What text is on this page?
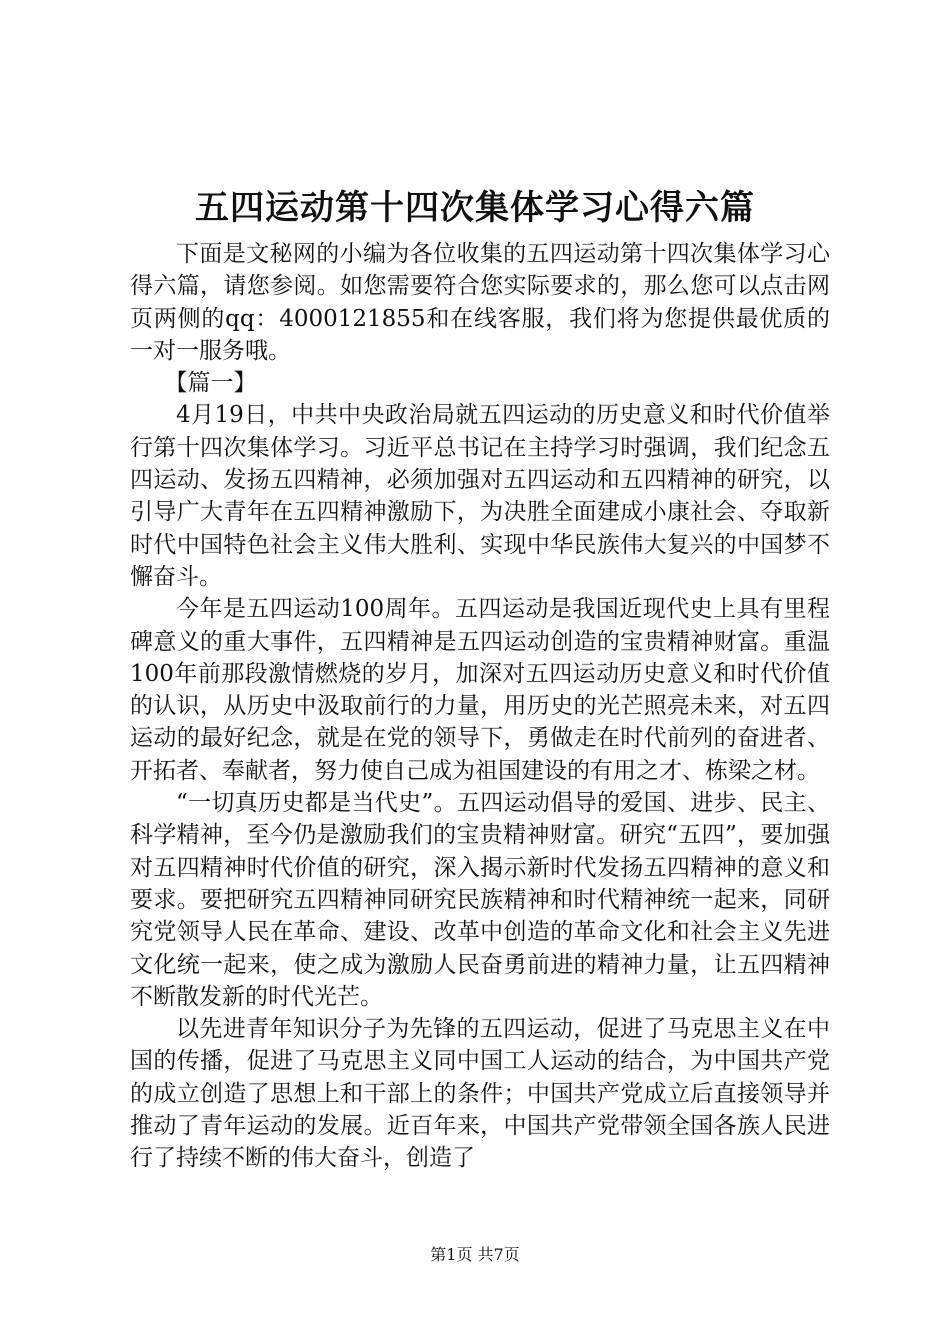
五四运动第十四次集体学习心得六篇

下面是文秘网的小编为各位收集的五四运动第十四次集体学习心得六篇，请您参阅。如您需要符合您实际要求的，那么您可以点击网页两侧的qq：4000121855和在线客服，我们将为您提供最优质的一对一服务哦。

【篇一】

4月19日，中共中央政治局就五四运动的历史意义和时代价值举行第十四次集体学习。习近平总书记在主持学习时强调，我们纪念五四运动、发扬五四精神，必须加强对五四运动和五四精神的研究，以引导广大青年在五四精神激励下，为决胜全面建成小康社会、夺取新时代中国特色社会主义伟大胜利、实现中华民族伟大复兴的中国梦不懈奋斗。

今年是五四运动100周年。五四运动是我国近现代史上具有里程碑意义的重大事件，五四精神是五四运动创造的宝贵精神财富。重温100年前那段激情燃烧的岁月，加深对五四运动历史意义和时代价值的认识，从历史中汲取前行的力量，用历史的光芒照亮未来，对五四运动的最好纪念，就是在党的领导下，勇做走在时代前列的奋进者、开拓者、奉献者，努力使自己成为祖国建设的有用之才、栋梁之材。

“一切真历史都是当代史”。五四运动倡导的爱国、进步、民主、科学精神，至今仍是激励我们的宝贵精神财富。研究“五四”，要加强对五四精神时代价值的研究，深入揭示新时代发扬五四精神的意义和要求。要把研究五四精神同研究民族精神和时代精神统一起来，同研究党领导人民在革命、建设、改革中创造的革命文化和社会主义先进文化统一起来，使之成为激励人民奋勇前进的精神力量，让五四精神不断散发新的时代光芒。

以先进青年知识分子为先锋的五四运动，促进了马克思主义在中国的传播，促进了马克思主义同中国工人运动的结合，为中国共产党的成立创造了思想上和干部上的条件；中国共产党成立后直接领导并推动了青年运动的发展。近百年来，中国共产党带领全国各族人民进行了持续不断的伟大奋斗，创造了

第1页 共7页
